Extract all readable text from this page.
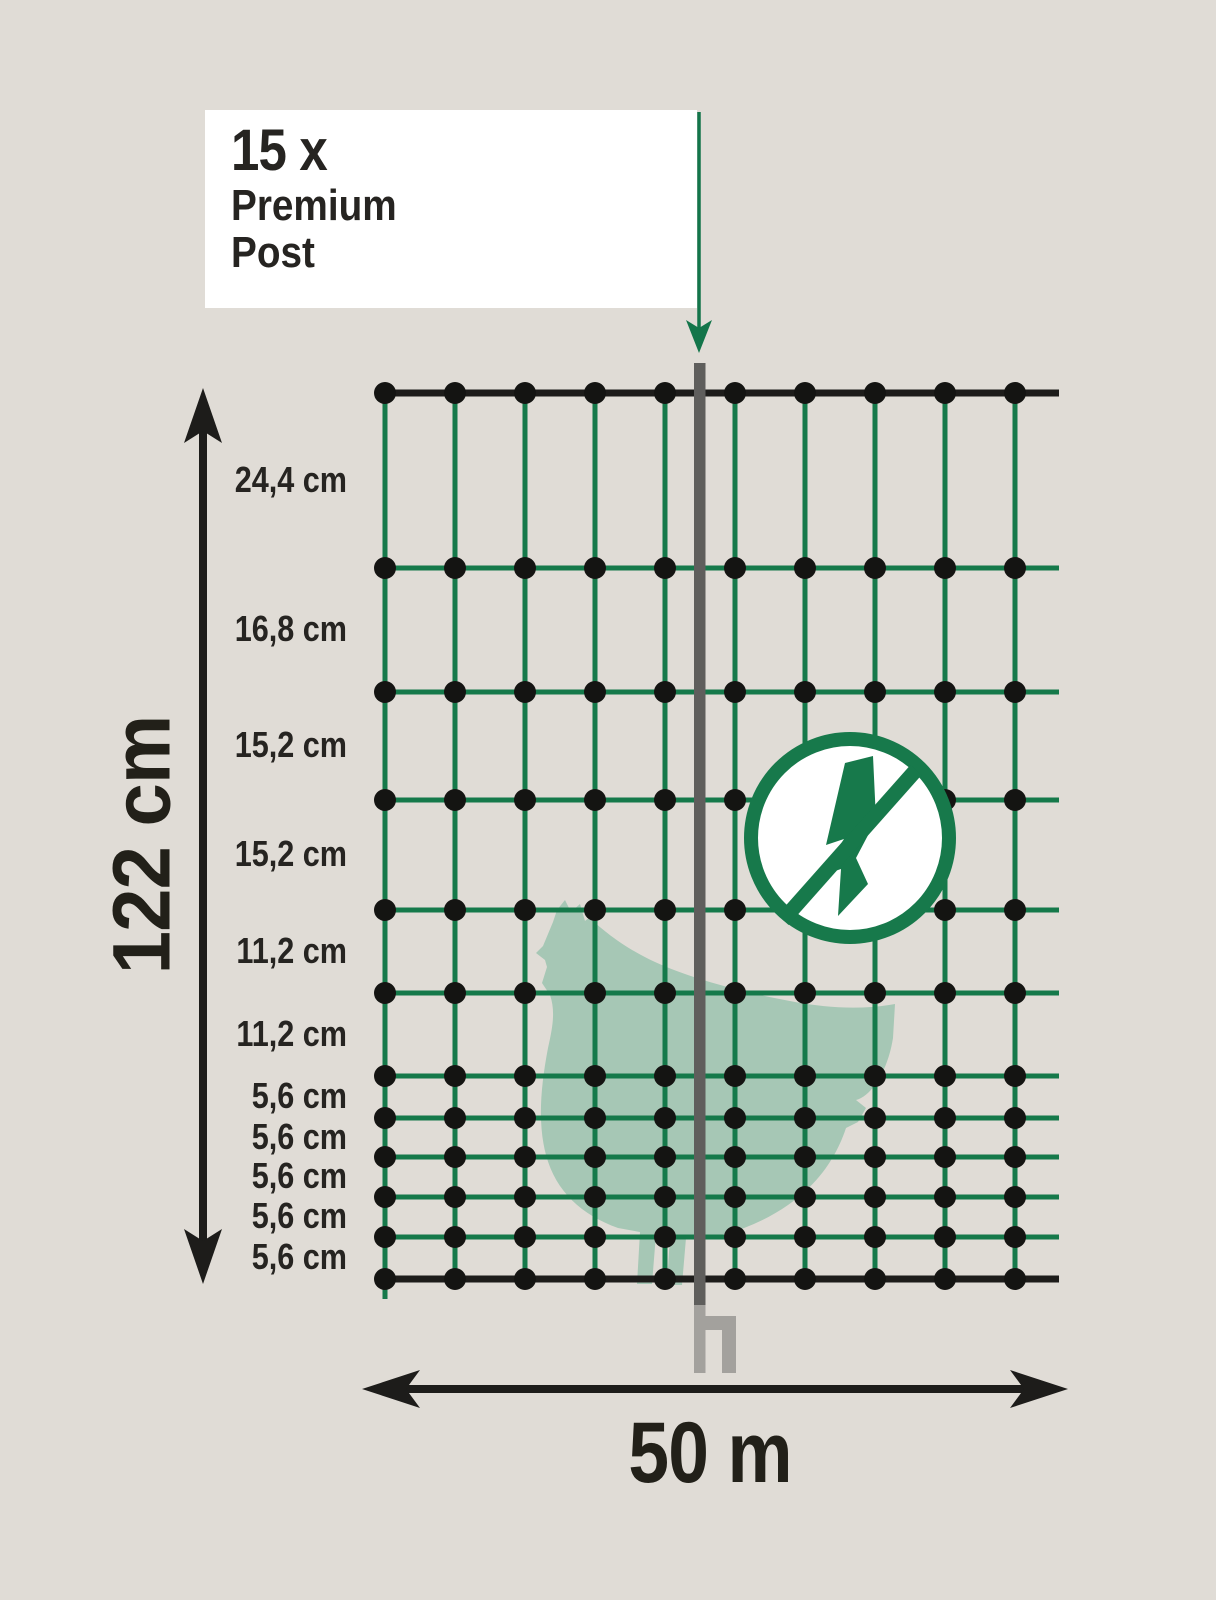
15 x
Premium
Post
24,4 cm
16,8 cm
15,2 cm
15,2 cm
11,2 cm
11,2 cm
5,6 cm
5,6 cm
5,6 cm
5,6 cm
5,6 cm
122 cm
50 m
